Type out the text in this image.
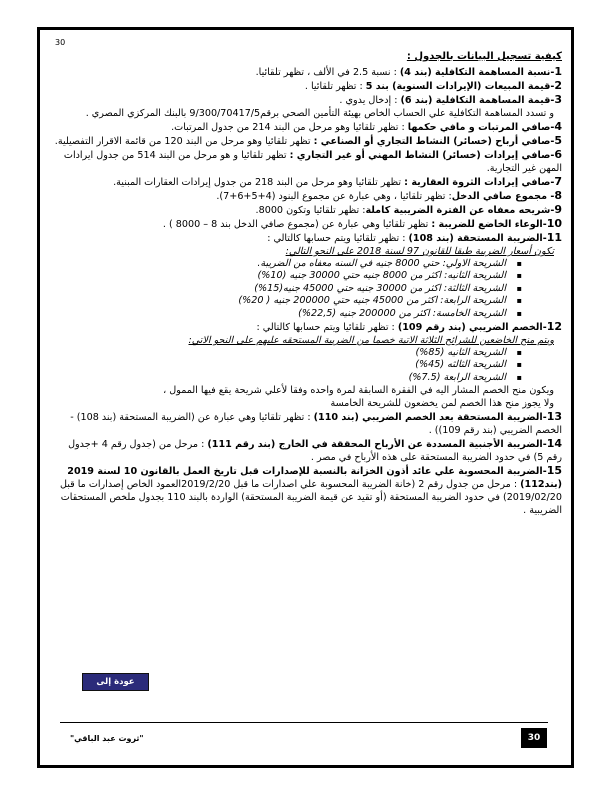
30
كيفية تسجيل البيانات بالجدول :

1-نسبة المساهمة التكافلية (بند 4) : نسبة 2.5 في الألف ، تظهر تلقائيا.

2-قيمة المبيعات (الإيرادات السنوية) بند 5 : تظهر تلقائيا .

3-قيمة المساهمة التكافلية (بند 6) : إدخال يدوي .

و تسدد المساهمة التكافلية علي الحساب الخاص بهيئة التأمين الصحي برقم9/300/70417/5 بالبنك المركزي المصري .

4-صافي المرتبات و مافي حكمها : تظهر تلقائيا وهو مرحل من البند 214 من جدول المرتبات.

5-صافي أرباح (خسائر) النشاط التجاري أو الصناعي : تظهر تلقائيا وهو مرحل من البند 120 من قائمة الاقرار التفصيلية.

6-صافي إيرادات (خسائر) النشاط المهني أو غير التجاري : تظهر تلقائيا و هو مرحل من البند 514 من جدول ايرادات المهن غير التجارية.

7-صافي إيرادات الثروة العقارية : تظهر تلقائيا وهو مرحل من البند 218 من جدول إيرادات العقارات المبنية.

8- مجموع صافي الدخل: تظهر تلقائيا ، وهي عبارة عن مجموع البنود (4+5+6+7).

9-شريحه معفاه عن الفترة الضريبية كاملة: تظهر تلقائيا وتكون 8000.

10-الوعاء الخاضع للضريبة : تظهر تلقائيا وهي عبارة عن (مجموع صافي الدخل بند 8 – 8000 ) .

11-الضريبة المستحقة (بند 108) : تظهر تلقائيا ويتم حسابها كالتالي :

تكون أسعار الضريبة طبقا للقانون 97 لسنة 2018 على النحو التالي:

▪ الشريحة الاولي: حتي 8000 جنيه في السنه معفاه من الضريبة.
▪ الشريحة الثانيه: اكثر من 8000 جنيه حتي 30000 جنيه (10%)
▪ الشريحة الثالثة: اكثر من 30000 جنيه حتي 45000 جنيه(15%)
▪ الشريحة الرابعة: اكثر من 45000 جنيه حتي 200000 جنيه ( 20%)
▪ الشريحة الخامسة: اكثر من 200000 جنيه (22,5%)

12-الخصم الضريبي (بند رقم 109) : تظهر تلقائيا ويتم حسابها كالتالي :

ويتم منح الخاضعين للشرائح الثلاثة الاتية خصما من الضريبة المستحقه عليهم على النحو الاتي:

▪ الشريحة الثانيه (85%)
▪ الشريحة الثالثه (45%)
▪ الشريحة الرابعة (7.5%)

ويكون منح الخصم المشار اليه في الفقرة السابقة لمرة واحده وفقا لأعلي شريحة يقع فيها الممول ،

ولا يجوز منح هذا الخصم لمن يخضعون للشريحة الخامسة

13-الضريبة المستحقة بعد الخصم الضريبي (بند 110) : تظهر تلقائيا وهي عبارة عن (الضريبة المستحقة (بند 108) - الخصم الضريبي (بند رقم 109)) .

14-الضريبة الأجنبية المسددة عن الأرباح المحققة في الخارج (بند رقم 111) : مرحل من (جدول رقم 4 +جدول رقم 5) في حدود الضريبة المستحقة على هذه الأرباح في مصر .

15-الضريبة المحسوبة علي عائد أذون الخزانة بالنسبة للإصدارات قبل تاريخ العمل بالقانون 10 لسنة 2019 (بند112) : مرحل من جدول رقم 2 (خانة الضريبة المحسوبة علي اصدارات ما قبل 2019/2/20العمود الخاص إصدارات ما قبل 2019/02/20) في حدود الضريبة المستحقة (أو تقيد عن قيمة الضريبة المستحقة) الواردة بالبند 110 بجدول ملخص المستحقات الضريبية .

عودة إلى الفهرس
"ثروت عبد الباقي"	30
